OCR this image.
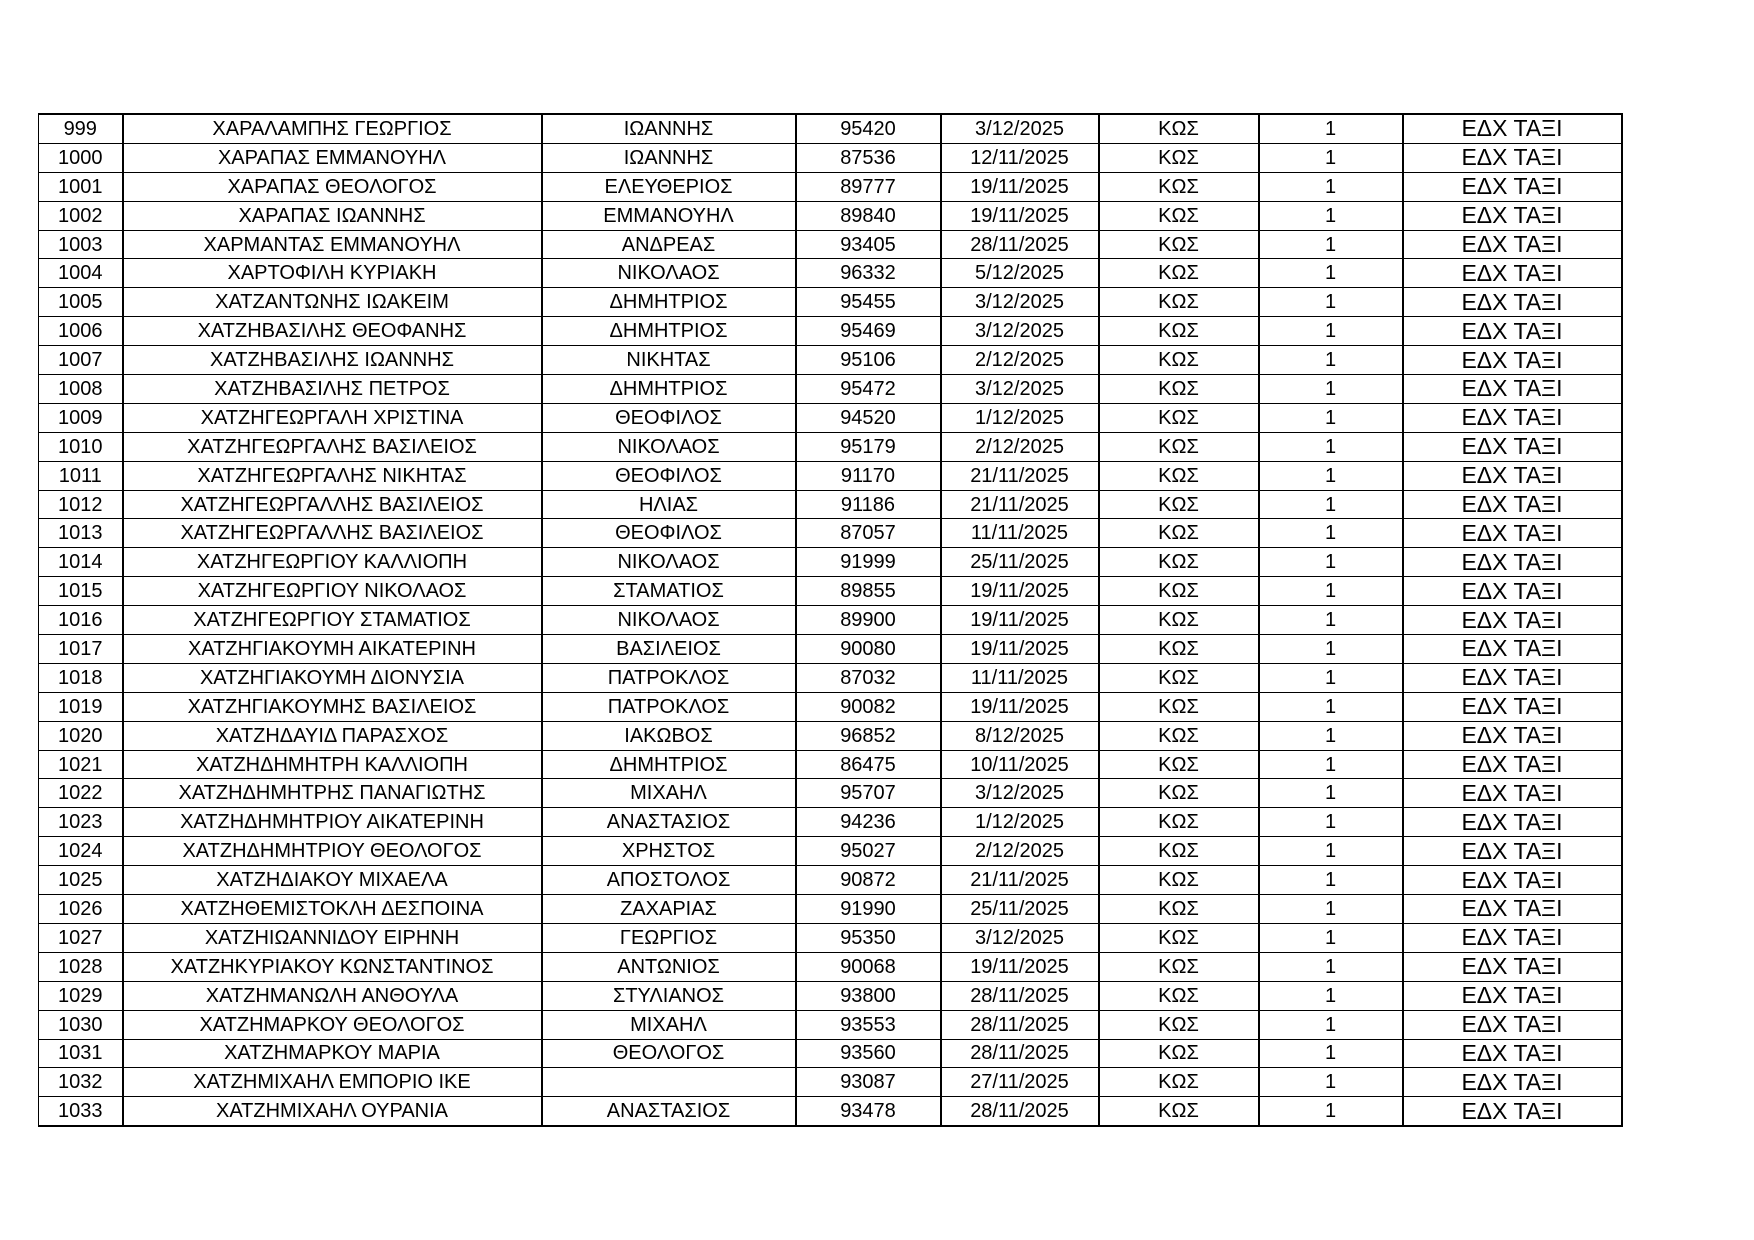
999	ΧΑΡΑΛΑΜΠΗΣ ΓΕΩΡΓΙΟΣ	ΙΩΑΝΝΗΣ	95420	3/12/2025	ΚΩΣ	1	ΕΔΧ ΤΑΞΙ
1000	ΧΑΡΑΠΑΣ ΕΜΜΑΝΟΥΗΛ	ΙΩΑΝΝΗΣ	87536	12/11/2025	ΚΩΣ	1	ΕΔΧ ΤΑΞΙ
1001	ΧΑΡΑΠΑΣ ΘΕΟΛΟΓΟΣ	ΕΛΕΥΘΕΡΙΟΣ	89777	19/11/2025	ΚΩΣ	1	ΕΔΧ ΤΑΞΙ
1002	ΧΑΡΑΠΑΣ ΙΩΑΝΝΗΣ	ΕΜΜΑΝΟΥΗΛ	89840	19/11/2025	ΚΩΣ	1	ΕΔΧ ΤΑΞΙ
1003	ΧΑΡΜΑΝΤΑΣ ΕΜΜΑΝΟΥΗΛ	ΑΝΔΡΕΑΣ	93405	28/11/2025	ΚΩΣ	1	ΕΔΧ ΤΑΞΙ
1004	ΧΑΡΤΟΦΙΛΗ ΚΥΡΙΑΚΗ	ΝΙΚΟΛΑΟΣ	96332	5/12/2025	ΚΩΣ	1	ΕΔΧ ΤΑΞΙ
1005	ΧΑΤΖΑΝΤΩΝΗΣ ΙΩΑΚΕΙΜ	ΔΗΜΗΤΡΙΟΣ	95455	3/12/2025	ΚΩΣ	1	ΕΔΧ ΤΑΞΙ
1006	ΧΑΤΖΗΒΑΣΙΛΗΣ ΘΕΟΦΑΝΗΣ	ΔΗΜΗΤΡΙΟΣ	95469	3/12/2025	ΚΩΣ	1	ΕΔΧ ΤΑΞΙ
1007	ΧΑΤΖΗΒΑΣΙΛΗΣ ΙΩΑΝΝΗΣ	ΝΙΚΗΤΑΣ	95106	2/12/2025	ΚΩΣ	1	ΕΔΧ ΤΑΞΙ
1008	ΧΑΤΖΗΒΑΣΙΛΗΣ ΠΕΤΡΟΣ	ΔΗΜΗΤΡΙΟΣ	95472	3/12/2025	ΚΩΣ	1	ΕΔΧ ΤΑΞΙ
1009	ΧΑΤΖΗΓΕΩΡΓΑΛΗ ΧΡΙΣΤΙΝΑ	ΘΕΟΦΙΛΟΣ	94520	1/12/2025	ΚΩΣ	1	ΕΔΧ ΤΑΞΙ
1010	ΧΑΤΖΗΓΕΩΡΓΑΛΗΣ ΒΑΣΙΛΕΙΟΣ	ΝΙΚΟΛΑΟΣ	95179	2/12/2025	ΚΩΣ	1	ΕΔΧ ΤΑΞΙ
1011	ΧΑΤΖΗΓΕΩΡΓΑΛΗΣ ΝΙΚΗΤΑΣ	ΘΕΟΦΙΛΟΣ	91170	21/11/2025	ΚΩΣ	1	ΕΔΧ ΤΑΞΙ
1012	ΧΑΤΖΗΓΕΩΡΓΑΛΛΗΣ ΒΑΣΙΛΕΙΟΣ	ΗΛΙΑΣ	91186	21/11/2025	ΚΩΣ	1	ΕΔΧ ΤΑΞΙ
1013	ΧΑΤΖΗΓΕΩΡΓΑΛΛΗΣ ΒΑΣΙΛΕΙΟΣ	ΘΕΟΦΙΛΟΣ	87057	11/11/2025	ΚΩΣ	1	ΕΔΧ ΤΑΞΙ
1014	ΧΑΤΖΗΓΕΩΡΓΙΟΥ ΚΑΛΛΙΟΠΗ	ΝΙΚΟΛΑΟΣ	91999	25/11/2025	ΚΩΣ	1	ΕΔΧ ΤΑΞΙ
1015	ΧΑΤΖΗΓΕΩΡΓΙΟΥ ΝΙΚΟΛΑΟΣ	ΣΤΑΜΑΤΙΟΣ	89855	19/11/2025	ΚΩΣ	1	ΕΔΧ ΤΑΞΙ
1016	ΧΑΤΖΗΓΕΩΡΓΙΟΥ ΣΤΑΜΑΤΙΟΣ	ΝΙΚΟΛΑΟΣ	89900	19/11/2025	ΚΩΣ	1	ΕΔΧ ΤΑΞΙ
1017	ΧΑΤΖΗΓΙΑΚΟΥΜΗ ΑΙΚΑΤΕΡΙΝΗ	ΒΑΣΙΛΕΙΟΣ	90080	19/11/2025	ΚΩΣ	1	ΕΔΧ ΤΑΞΙ
1018	ΧΑΤΖΗΓΙΑΚΟΥΜΗ ΔΙΟΝΥΣΙΑ	ΠΑΤΡΟΚΛΟΣ	87032	11/11/2025	ΚΩΣ	1	ΕΔΧ ΤΑΞΙ
1019	ΧΑΤΖΗΓΙΑΚΟΥΜΗΣ ΒΑΣΙΛΕΙΟΣ	ΠΑΤΡΟΚΛΟΣ	90082	19/11/2025	ΚΩΣ	1	ΕΔΧ ΤΑΞΙ
1020	ΧΑΤΖΗΔΑΥΙΔ ΠΑΡΑΣΧΟΣ	ΙΑΚΩΒΟΣ	96852	8/12/2025	ΚΩΣ	1	ΕΔΧ ΤΑΞΙ
1021	ΧΑΤΖΗΔΗΜΗΤΡΗ ΚΑΛΛΙΟΠΗ	ΔΗΜΗΤΡΙΟΣ	86475	10/11/2025	ΚΩΣ	1	ΕΔΧ ΤΑΞΙ
1022	ΧΑΤΖΗΔΗΜΗΤΡΗΣ ΠΑΝΑΓΙΩΤΗΣ	ΜΙΧΑΗΛ	95707	3/12/2025	ΚΩΣ	1	ΕΔΧ ΤΑΞΙ
1023	ΧΑΤΖΗΔΗΜΗΤΡΙΟΥ ΑΙΚΑΤΕΡΙΝΗ	ΑΝΑΣΤΑΣΙΟΣ	94236	1/12/2025	ΚΩΣ	1	ΕΔΧ ΤΑΞΙ
1024	ΧΑΤΖΗΔΗΜΗΤΡΙΟΥ ΘΕΟΛΟΓΟΣ	ΧΡΗΣΤΟΣ	95027	2/12/2025	ΚΩΣ	1	ΕΔΧ ΤΑΞΙ
1025	ΧΑΤΖΗΔΙΑΚΟΥ ΜΙΧΑΕΛΑ	ΑΠΟΣΤΟΛΟΣ	90872	21/11/2025	ΚΩΣ	1	ΕΔΧ ΤΑΞΙ
1026	ΧΑΤΖΗΘΕΜΙΣΤΟΚΛΗ ΔΕΣΠΟΙΝΑ	ΖΑΧΑΡΙΑΣ	91990	25/11/2025	ΚΩΣ	1	ΕΔΧ ΤΑΞΙ
1027	ΧΑΤΖΗΙΩΑΝΝΙΔΟΥ ΕΙΡΗΝΗ	ΓΕΩΡΓΙΟΣ	95350	3/12/2025	ΚΩΣ	1	ΕΔΧ ΤΑΞΙ
1028	ΧΑΤΖΗΚΥΡΙΑΚΟΥ ΚΩΝΣΤΑΝΤΙΝΟΣ	ΑΝΤΩΝΙΟΣ	90068	19/11/2025	ΚΩΣ	1	ΕΔΧ ΤΑΞΙ
1029	ΧΑΤΖΗΜΑΝΩΛΗ ΑΝΘΟΥΛΑ	ΣΤΥΛΙΑΝΟΣ	93800	28/11/2025	ΚΩΣ	1	ΕΔΧ ΤΑΞΙ
1030	ΧΑΤΖΗΜΑΡΚΟΥ ΘΕΟΛΟΓΟΣ	ΜΙΧΑΗΛ	93553	28/11/2025	ΚΩΣ	1	ΕΔΧ ΤΑΞΙ
1031	ΧΑΤΖΗΜΑΡΚΟΥ ΜΑΡΙΑ	ΘΕΟΛΟΓΟΣ	93560	28/11/2025	ΚΩΣ	1	ΕΔΧ ΤΑΞΙ
1032	ΧΑΤΖΗΜΙΧΑΗΛ ΕΜΠΟΡΙΟ ΙΚΕ		93087	27/11/2025	ΚΩΣ	1	ΕΔΧ ΤΑΞΙ
1033	ΧΑΤΖΗΜΙΧΑΗΛ ΟΥΡΑΝΙΑ	ΑΝΑΣΤΑΣΙΟΣ	93478	28/11/2025	ΚΩΣ	1	ΕΔΧ ΤΑΞΙ
